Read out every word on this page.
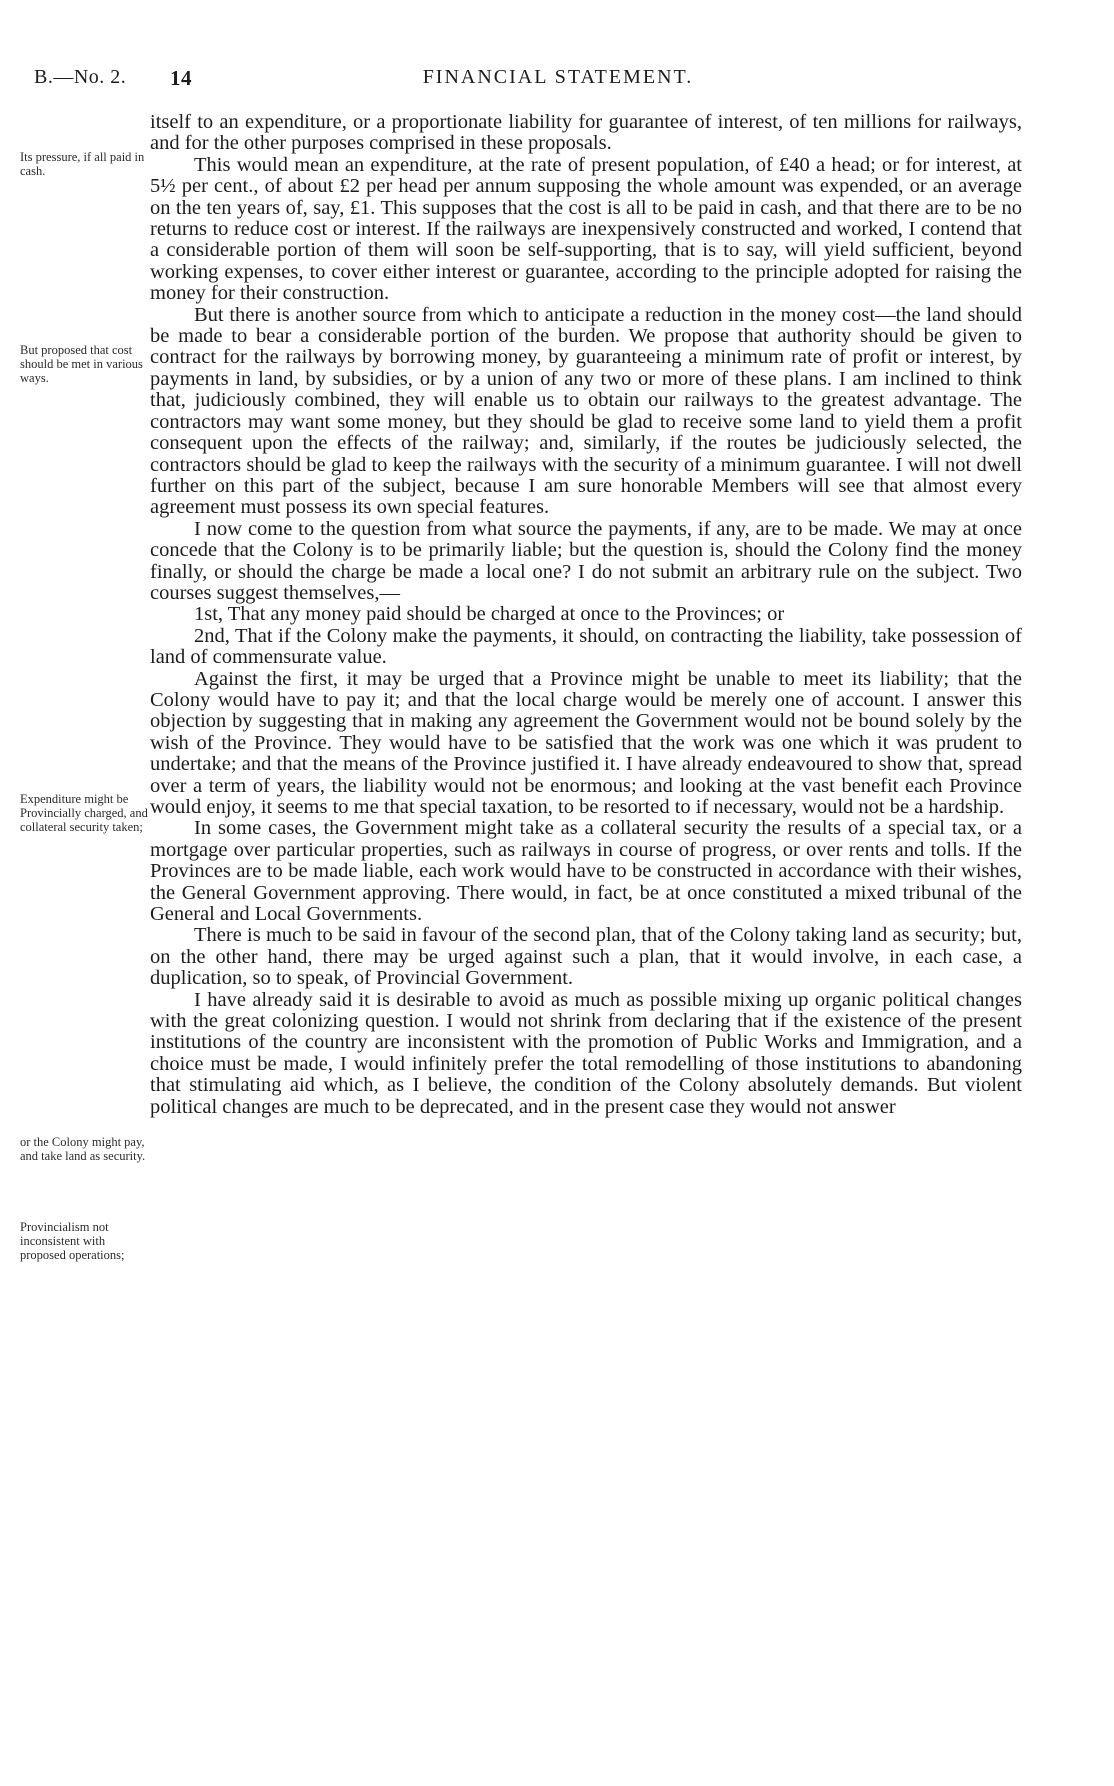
B.—No. 2. 14	FINANCIAL STATEMENT.
Its pressure, if all paid in cash.
But proposed that cost should be met in various ways.
Expenditure might be Provincially charged, and collateral security taken;
or the Colony might pay, and take land as security.
Provincialism not inconsistent with proposed operations;

itself to an expenditure, or a proportionate liability for guarantee of interest, of ten millions for railways, and for the other purposes comprised in these proposals.

This would mean an expenditure, at the rate of present population, of £40 a head; or for interest, at 5½ per cent., of about £2 per head per annum supposing the whole amount was expended, or an average on the ten years of, say, £1. This supposes that the cost is all to be paid in cash, and that there are to be no returns to reduce cost or interest. If the railways are inexpensively constructed and worked, I contend that a considerable portion of them will soon be self-supporting, that is to say, will yield sufficient, beyond working expenses, to cover either interest or guarantee, according to the principle adopted for raising the money for their construction.

But there is another source from which to anticipate a reduction in the money cost—the land should be made to bear a considerable portion of the burden. We propose that authority should be given to contract for the railways by borrowing money, by guaranteeing a minimum rate of profit or interest, by payments in land, by subsidies, or by a union of any two or more of these plans. I am inclined to think that, judiciously combined, they will enable us to obtain our railways to the greatest advantage. The contractors may want some money, but they should be glad to receive some land to yield them a profit consequent upon the effects of the railway; and, similarly, if the routes be judiciously selected, the contractors should be glad to keep the railways with the security of a minimum guarantee. I will not dwell further on this part of the subject, because I am sure honorable Members will see that almost every agreement must possess its own special features.

I now come to the question from what source the payments, if any, are to be made. We may at once concede that the Colony is to be primarily liable; but the question is, should the Colony find the money finally, or should the charge be made a local one? I do not submit an arbitrary rule on the subject. Two courses suggest themselves,—

1st, That any money paid should be charged at once to the Provinces; or

2nd, That if the Colony make the payments, it should, on contracting the liability, take possession of land of commensurate value.

Against the first, it may be urged that a Province might be unable to meet its liability; that the Colony would have to pay it; and that the local charge would be merely one of account. I answer this objection by suggesting that in making any agreement the Government would not be bound solely by the wish of the Province. They would have to be satisfied that the work was one which it was prudent to undertake; and that the means of the Province justified it. I have already endeavoured to show that, spread over a term of years, the liability would not be enormous; and looking at the vast benefit each Province would enjoy, it seems to me that special taxation, to be resorted to if necessary, would not be a hardship.

In some cases, the Government might take as a collateral security the results of a special tax, or a mortgage over particular properties, such as railways in course of progress, or over rents and tolls. If the Provinces are to be made liable, each work would have to be constructed in accordance with their wishes, the General Government approving. There would, in fact, be at once constituted a mixed tribunal of the General and Local Governments.

There is much to be said in favour of the second plan, that of the Colony taking land as security; but, on the other hand, there may be urged against such a plan, that it would involve, in each case, a duplication, so to speak, of Provincial Government.

I have already said it is desirable to avoid as much as possible mixing up organic political changes with the great colonizing question. I would not shrink from declaring that if the existence of the present institutions of the country are inconsistent with the promotion of Public Works and Immigration, and a choice must be made, I would infinitely prefer the total remodelling of those institutions to abandoning that stimulating aid which, as I believe, the condition of the Colony absolutely demands. But violent political changes are much to be deprecated, and in the present case they would not answer
